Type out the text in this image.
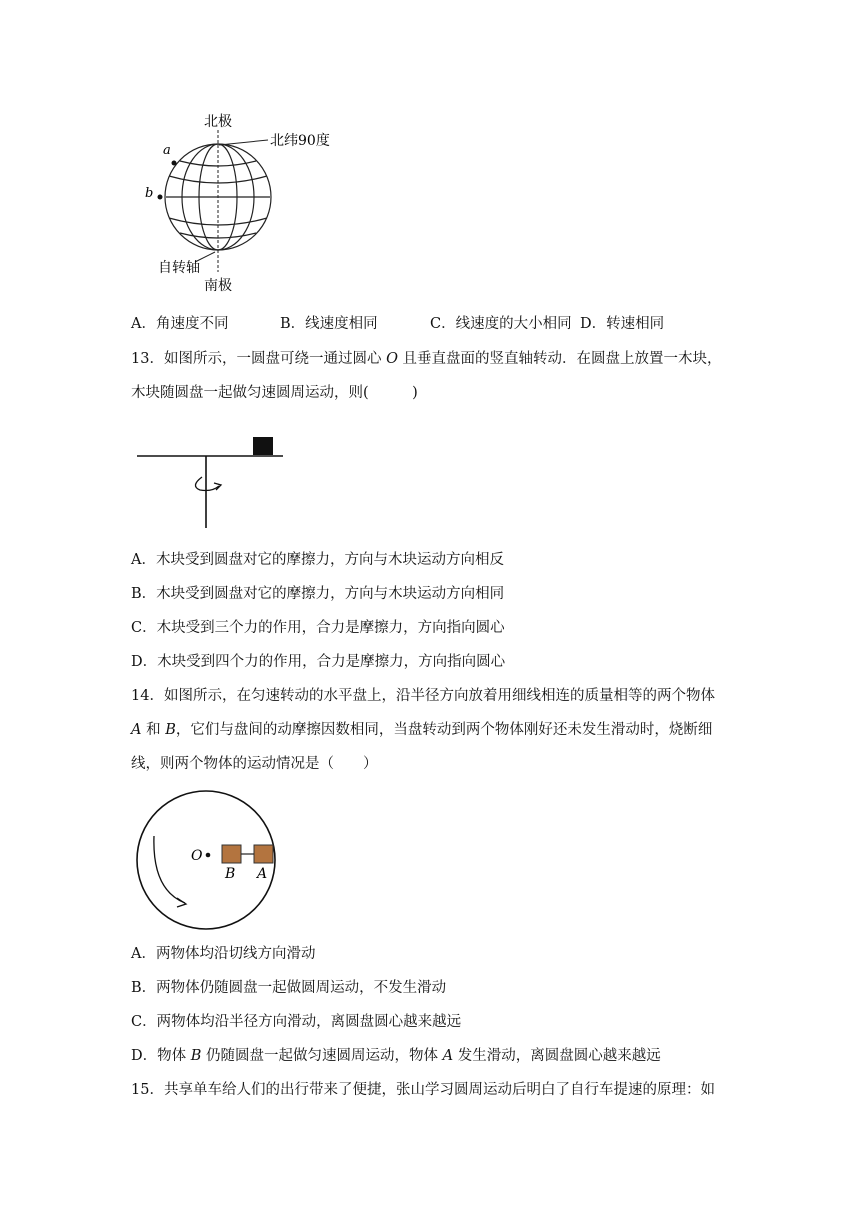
北极
北纬90度
a
b
自转轴
南极
A．角速度不同	B．线速度相同	C．线速度的大小相同 D．转速相同
13．如图所示，一圆盘可绕一通过圆心 O 且垂直盘面的竖直轴转动．在圆盘上放置一木块，
木块随圆盘一起做匀速圆周运动，则(　　　)
A．木块受到圆盘对它的摩擦力，方向与木块运动方向相反
B．木块受到圆盘对它的摩擦力，方向与木块运动方向相同
C．木块受到三个力的作用，合力是摩擦力，方向指向圆心
D．木块受到四个力的作用，合力是摩擦力，方向指向圆心
14．如图所示，在匀速转动的水平盘上，沿半径方向放着用细线相连的质量相等的两个物体
A 和 B，它们与盘间的动摩擦因数相同，当盘转动到两个物体刚好还未发生滑动时，烧断细
线，则两个物体的运动情况是（　　）
O
B A
A．两物体均沿切线方向滑动
B．两物体仍随圆盘一起做圆周运动，不发生滑动
C．两物体均沿半径方向滑动，离圆盘圆心越来越远
D．物体 B 仍随圆盘一起做匀速圆周运动，物体 A 发生滑动，离圆盘圆心越来越远
15．共享单车给人们的出行带来了便捷，张山学习圆周运动后明白了自行车提速的原理：如
